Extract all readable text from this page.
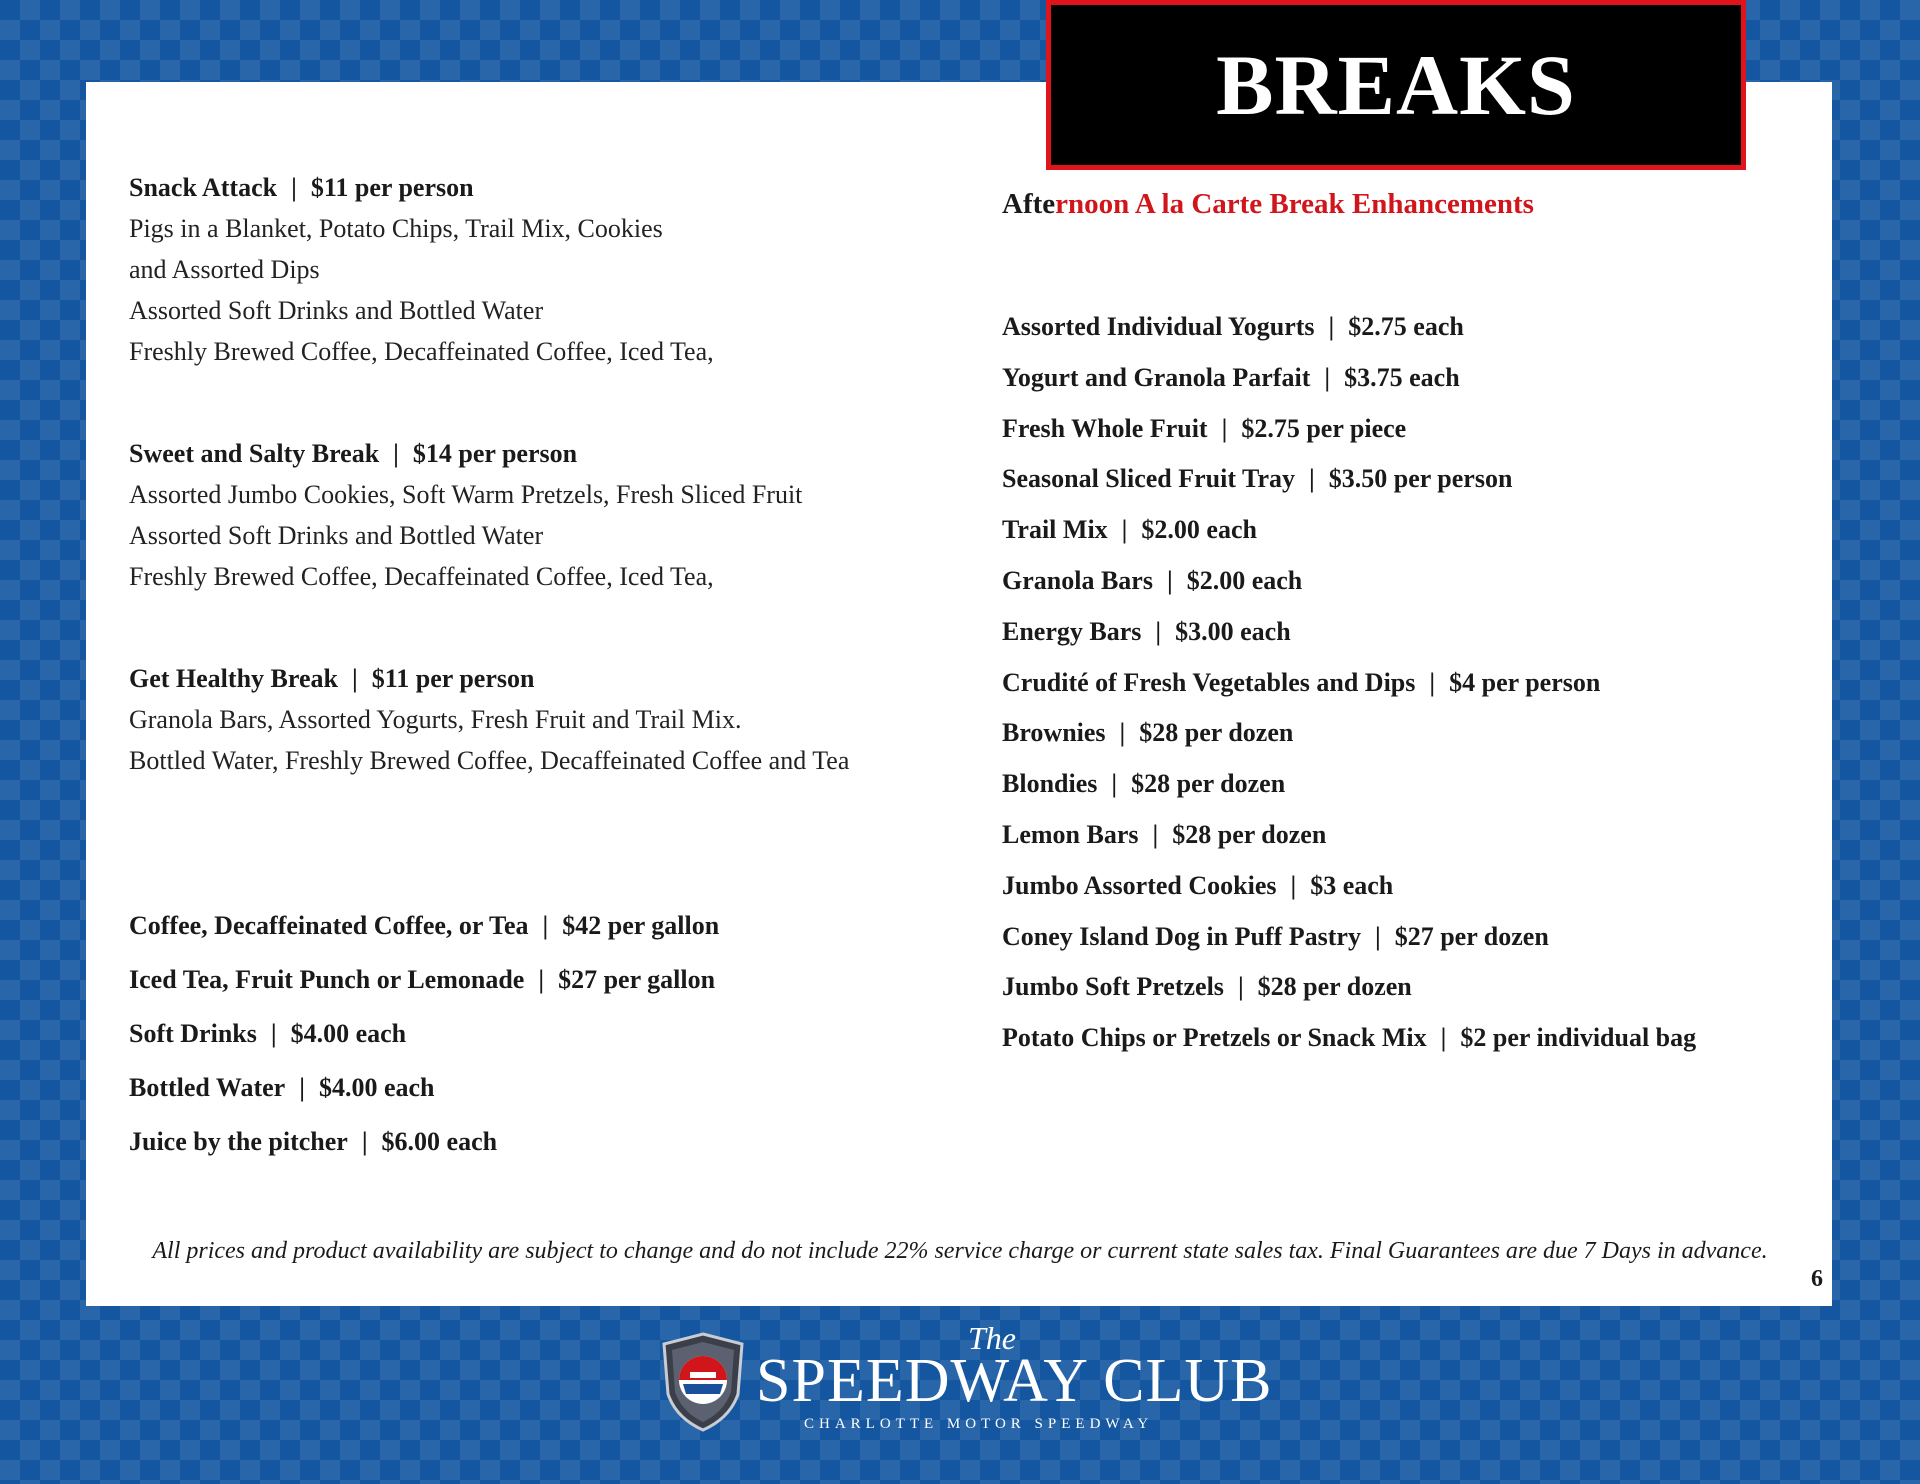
BREAKS
Snack Attack | $11 per person
Pigs in a Blanket, Potato Chips, Trail Mix, Cookies
and Assorted Dips
Assorted Soft Drinks and Bottled Water
Freshly Brewed Coffee, Decaffeinated Coffee, Iced Tea,
Sweet and Salty Break | $14 per person
Assorted Jumbo Cookies, Soft Warm Pretzels, Fresh Sliced Fruit
Assorted Soft Drinks and Bottled Water
Freshly Brewed Coffee, Decaffeinated Coffee, Iced Tea,
Get Healthy Break | $11 per person
Granola Bars, Assorted Yogurts, Fresh Fruit and Trail Mix.
Bottled Water, Freshly Brewed Coffee, Decaffeinated Coffee and Tea
Coffee, Decaffeinated Coffee, or Tea | $42 per gallon
Iced Tea, Fruit Punch or Lemonade | $27 per gallon
Soft Drinks | $4.00 each
Bottled Water | $4.00 each
Juice by the pitcher | $6.00 each
Afternoon A la Carte Break Enhancements
Assorted Individual Yogurts | $2.75 each
Yogurt and Granola Parfait | $3.75 each
Fresh Whole Fruit | $2.75 per piece
Seasonal Sliced Fruit Tray | $3.50 per person
Trail Mix | $2.00 each
Granola Bars | $2.00 each
Energy Bars | $3.00 each
Crudité of Fresh Vegetables and Dips | $4 per person
Brownies | $28 per dozen
Blondies | $28 per dozen
Lemon Bars | $28 per dozen
Jumbo Assorted Cookies | $3 each
Coney Island Dog in Puff Pastry | $27 per dozen
Jumbo Soft Pretzels | $28 per dozen
Potato Chips or Pretzels or Snack Mix | $2 per individual bag
All prices and product availability are subject to change and do not include 22% service charge or current state sales tax. Final Guarantees are due 7 Days in advance.
6
The
SPEEDWAY CLUB
CHARLOTTE MOTOR SPEEDWAY
